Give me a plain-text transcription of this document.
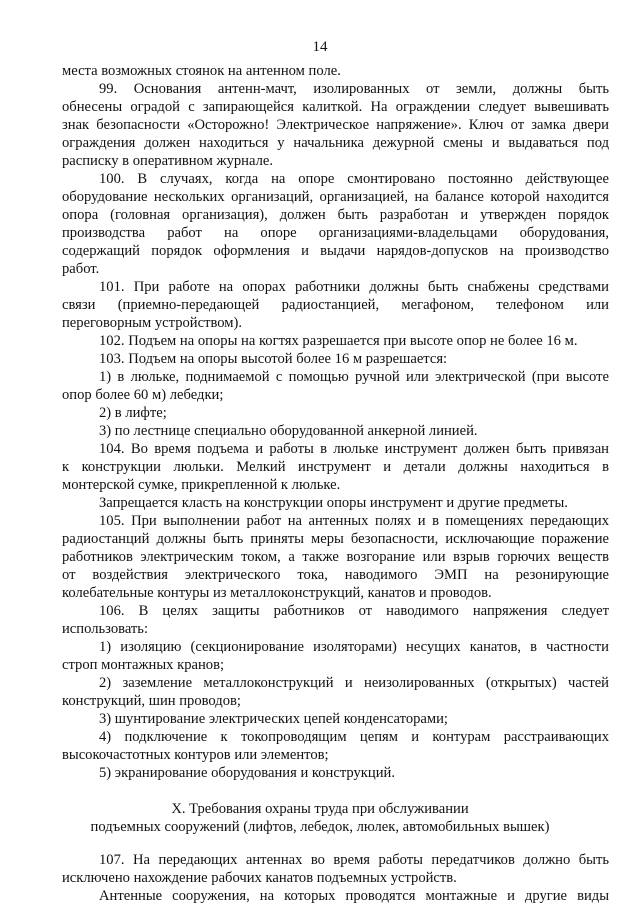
14
места возможных стоянок на антенном поле.
99. Основания антенн-мачт, изолированных от земли, должны быть
обнесены оградой с запирающейся калиткой. На ограждении следует вывешивать
знак безопасности «Осторожно! Электрическое напряжение». Ключ от замка двери
ограждения должен находиться у начальника дежурной смены и выдаваться под
расписку в оперативном журнале.
100. В случаях, когда на опоре смонтировано постоянно действующее
оборудование нескольких организаций, организацией, на балансе которой находится
опора (головная организация), должен быть разработан и утвержден порядок
производства работ на опоре организациями-владельцами оборудования,
содержащий порядок оформления и выдачи нарядов-допусков на производство
работ.
101. При работе на опорах работники должны быть снабжены средствами
связи (приемно-передающей радиостанцией, мегафоном, телефоном или
переговорным устройством).
102. Подъем на опоры на когтях разрешается при высоте опор не более 16 м.
103. Подъем на опоры высотой более 16 м разрешается:
1) в люльке, поднимаемой с помощью ручной или электрической (при высоте
опор более 60 м) лебедки;
2) в лифте;
3) по лестнице специально оборудованной анкерной линией.
104. Во время подъема и работы в люльке инструмент должен быть привязан
к конструкции люльки. Мелкий инструмент и детали должны находиться в
монтерской сумке, прикрепленной к люльке.
Запрещается класть на конструкции опоры инструмент и другие предметы.
105. При выполнении работ на антенных полях и в помещениях передающих
радиостанций должны быть приняты меры безопасности, исключающие поражение
работников электрическим током, а также возгорание или взрыв горючих веществ
от воздействия электрического тока, наводимого ЭМП на резонирующие
колебательные контуры из металлоконструкций, канатов и проводов.
106. В целях защиты работников от наводимого напряжения следует
использовать:
1) изоляцию (секционирование изоляторами) несущих канатов, в частности
строп монтажных кранов;
2) заземление металлоконструкций и неизолированных (открытых) частей
конструкций, шин проводов;
3) шунтирование электрических цепей конденсаторами;
4) подключение к токопроводящим цепям и контурам расстраивающих
высокочастотных контуров или элементов;
5) экранирование оборудования и конструкций.
X. Требования охраны труда при обслуживании
подъемных сооружений (лифтов, лебедок, люлек, автомобильных вышек)
107. На передающих антеннах во время работы передатчиков должно быть
исключено нахождение рабочих канатов подъемных устройств.
Антенные сооружения, на которых проводятся монтажные и другие виды
